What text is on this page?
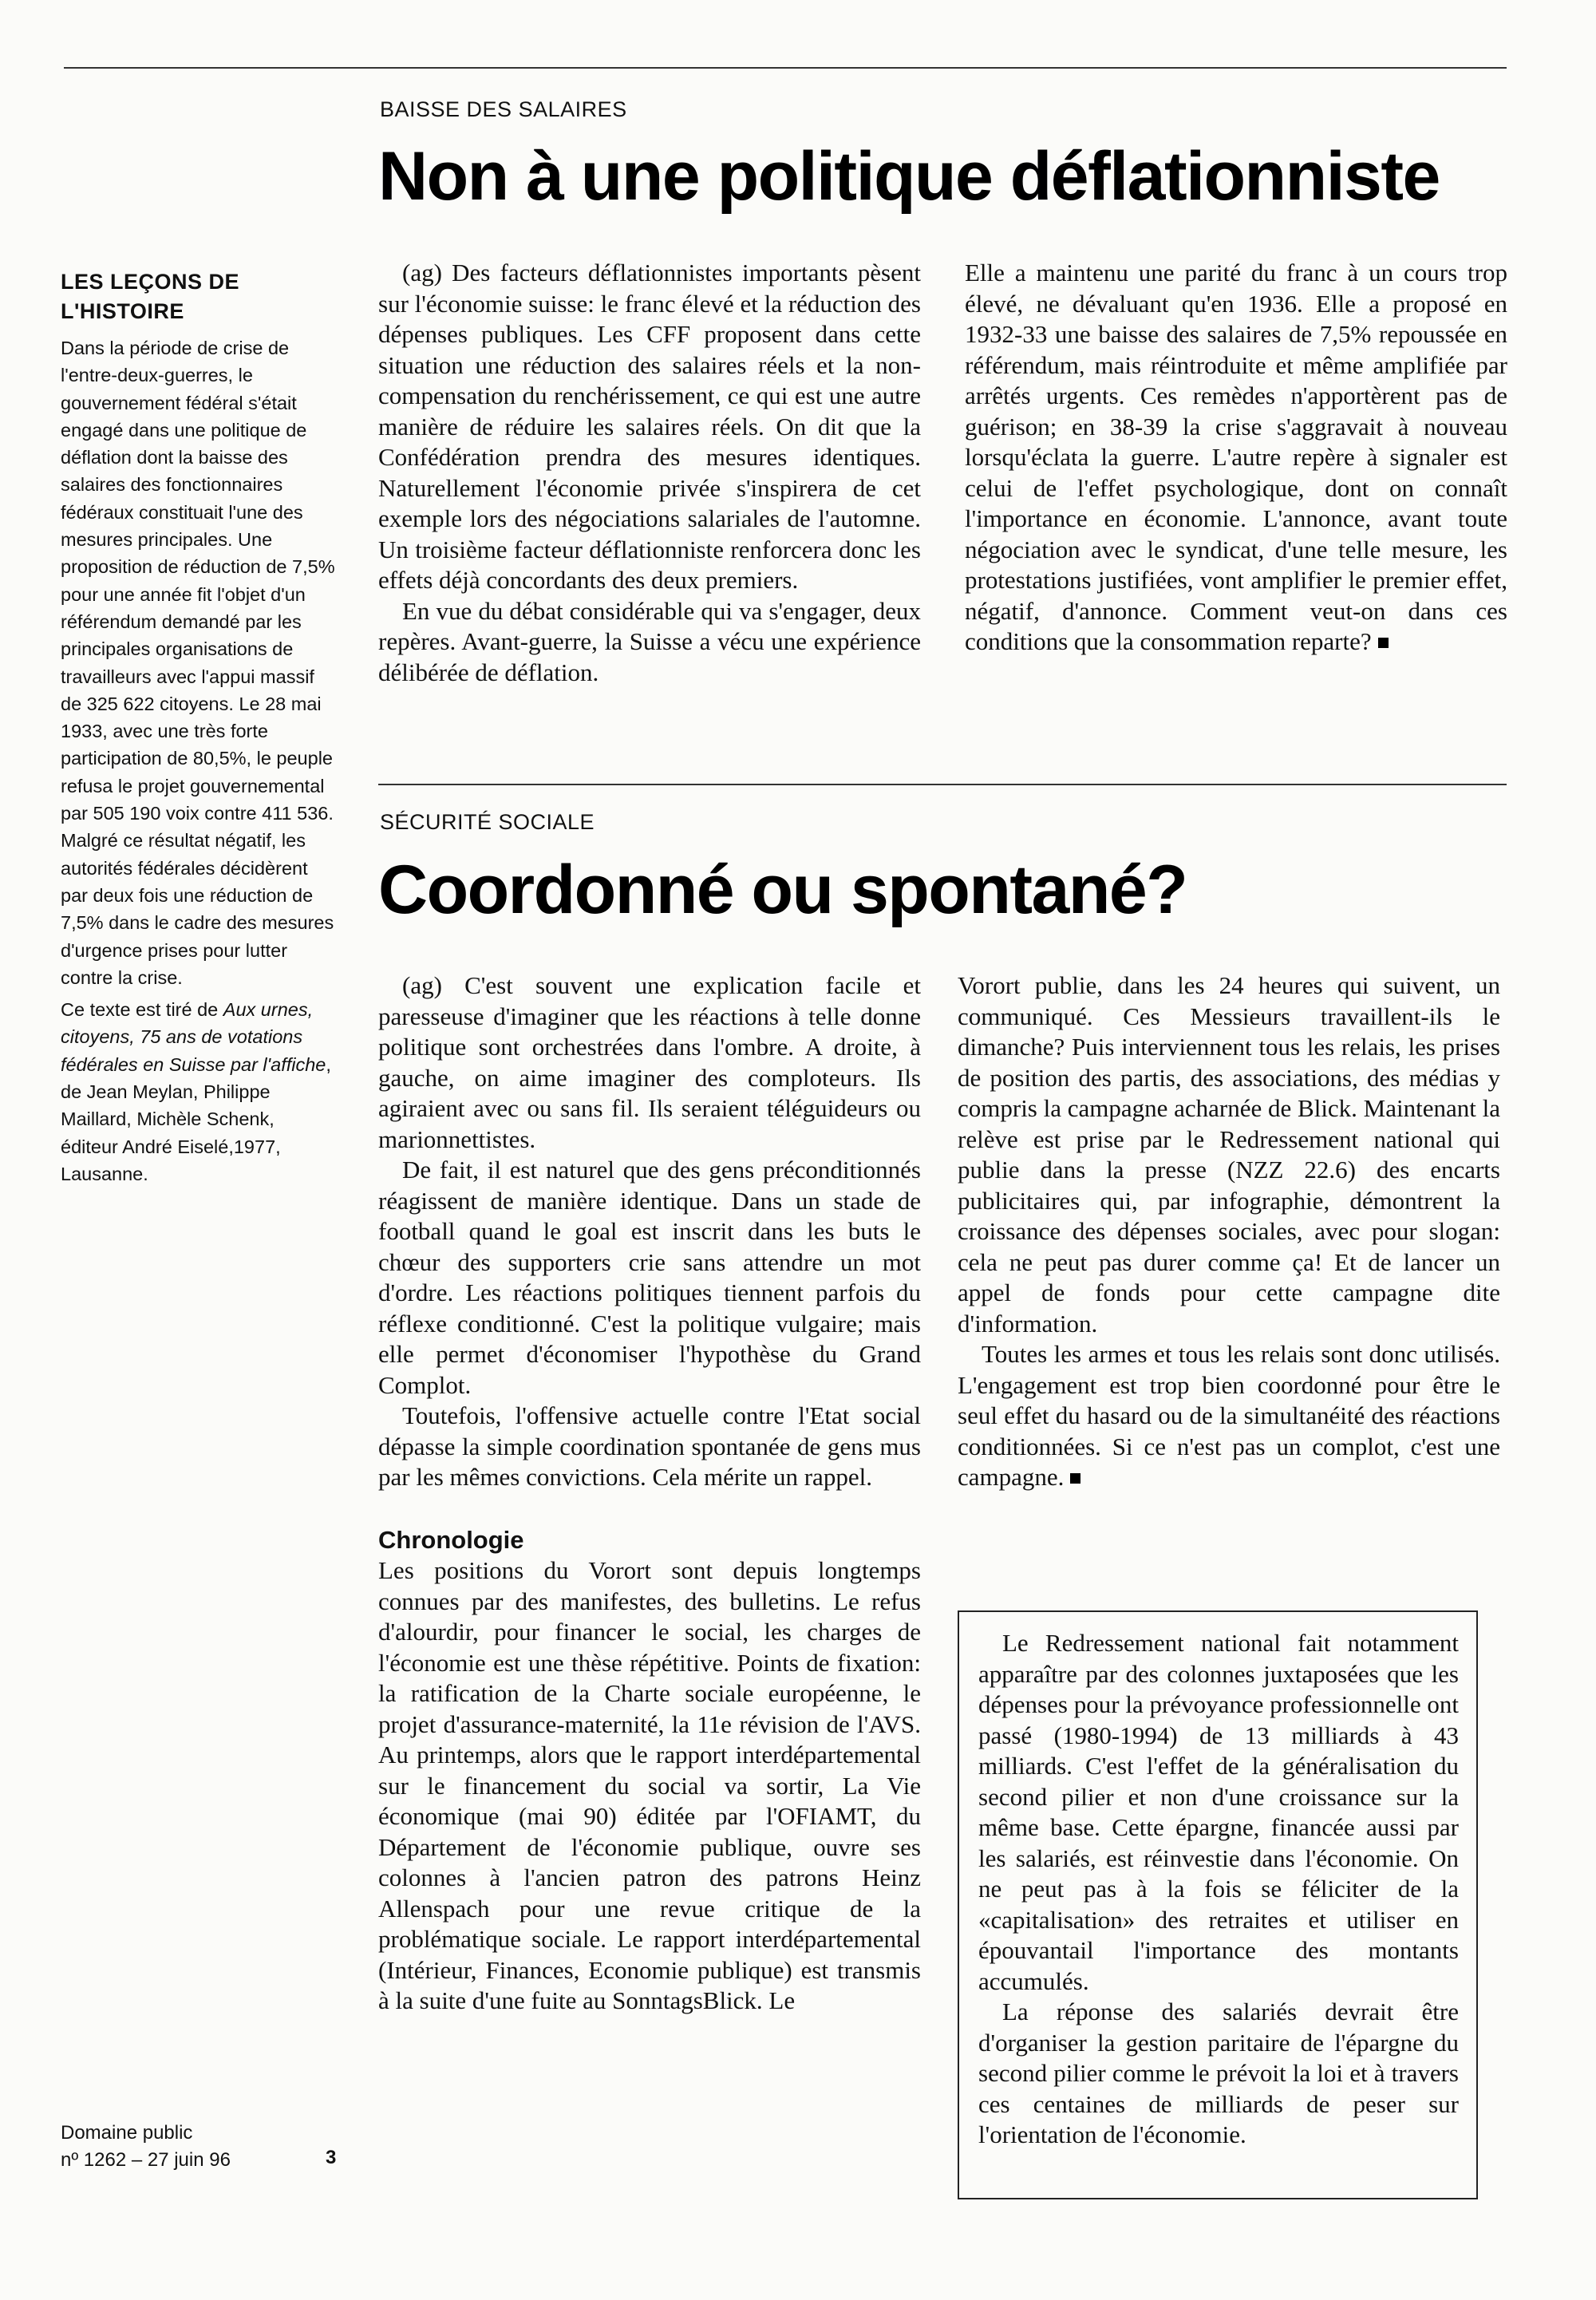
BAISSE DES SALAIRES
Non à une politique déflationniste

(ag) Des facteurs déflationnistes importants pèsent sur l'économie suisse: le franc élevé et la réduction des dépenses publiques. Les CFF proposent dans cette situation une réduction des salaires réels et la non-compensation du renchérissement, ce qui est une autre manière de réduire les salaires réels. On dit que la Confédération prendra des mesures identiques. Naturellement l'économie privée s'inspirera de cet exemple lors des négociations salariales de l'automne. Un troisième facteur déflationniste renforcera donc les effets déjà concordants des deux premiers.

En vue du débat considérable qui va s'engager, deux repères. Avant-guerre, la Suisse a vécu une expérience délibérée de déflation.

Elle a maintenu une parité du franc à un cours trop élevé, ne dévaluant qu'en 1936. Elle a proposé en 1932-33 une baisse des salaires de 7,5% repoussée en référendum, mais réintroduite et même amplifiée par arrêtés urgents. Ces remèdes n'apportèrent pas de guérison; en 38-39 la crise s'aggravait à nouveau lorsqu'éclata la guerre. L'autre repère à signaler est celui de l'effet psychologique, dont on connaît l'importance en économie. L'annonce, avant toute négociation avec le syndicat, d'une telle mesure, les protestations justifiées, vont amplifier le premier effet, négatif, d'annonce. Comment veut-on dans ces conditions que la consommation reparte?

LES LEÇONS DE L'HISTOIRE

Dans la période de crise de l'entre-deux-guerres, le gouvernement fédéral s'était engagé dans une politique de déflation dont la baisse des salaires des fonctionnaires fédéraux constituait l'une des mesures principales. Une proposition de réduction de 7,5% pour une année fit l'objet d'un référendum demandé par les principales organisations de travailleurs avec l'appui massif de 325 622 citoyens. Le 28 mai 1933, avec une très forte participation de 80,5%, le peuple refusa le projet gouvernemental par 505 190 voix contre 411 536. Malgré ce résultat négatif, les autorités fédérales décidèrent par deux fois une réduction de 7,5% dans le cadre des mesures d'urgence prises pour lutter contre la crise.

Ce texte est tiré de Aux urnes, citoyens, 75 ans de votations fédérales en Suisse par l'affiche, de Jean Meylan, Philippe Maillard, Michèle Schenk, éditeur André Eiselé,1977, Lausanne.

SÉCURITÉ SOCIALE
Coordonné ou spontané?

(ag) C'est souvent une explication facile et paresseuse d'imaginer que les réactions à telle donne politique sont orchestrées dans l'ombre. A droite, à gauche, on aime imaginer des comploteurs. Ils agiraient avec ou sans fil. Ils seraient téléguideurs ou marionnettistes.

De fait, il est naturel que des gens préconditionnés réagissent de manière identique. Dans un stade de football quand le goal est inscrit dans les buts le chœur des supporters crie sans attendre un mot d'ordre. Les réactions politiques tiennent parfois du réflexe conditionné. C'est la politique vulgaire; mais elle permet d'économiser l'hypothèse du Grand Complot.

Toutefois, l'offensive actuelle contre l'Etat social dépasse la simple coordination spontanée de gens mus par les mêmes convictions. Cela mérite un rappel.

Chronologie

Les positions du Vorort sont depuis longtemps connues par des manifestes, des bulletins. Le refus d'alourdir, pour financer le social, les charges de l'économie est une thèse répétitive. Points de fixation: la ratification de la Charte sociale européenne, le projet d'assurance-maternité, la 11e révision de l'AVS. Au printemps, alors que le rapport interdépartemental sur le financement du social va sortir, La Vie économique (mai 90) éditée par l'OFIAMT, du Département de l'économie publique, ouvre ses colonnes à l'ancien patron des patrons Heinz Allenspach pour une revue critique de la problématique sociale. Le rapport interdépartemental (Intérieur, Finances, Economie publique) est transmis à la suite d'une fuite au SonntagsBlick. Le

Vorort publie, dans les 24 heures qui suivent, un communiqué. Ces Messieurs travaillent-ils le dimanche? Puis interviennent tous les relais, les prises de position des partis, des associations, des médias y compris la campagne acharnée de Blick. Maintenant la relève est prise par le Redressement national qui publie dans la presse (NZZ 22.6) des encarts publicitaires qui, par infographie, démontrent la croissance des dépenses sociales, avec pour slogan: cela ne peut pas durer comme ça! Et de lancer un appel de fonds pour cette campagne dite d'information.

Toutes les armes et tous les relais sont donc utilisés. L'engagement est trop bien coordonné pour être le seul effet du hasard ou de la simultanéité des réactions conditionnées. Si ce n'est pas un complot, c'est une campagne.

Le Redressement national fait notamment apparaître par des colonnes juxtaposées que les dépenses pour la prévoyance professionnelle ont passé (1980-1994) de 13 milliards à 43 milliards. C'est l'effet de la généralisation du second pilier et non d'une croissance sur la même base. Cette épargne, financée aussi par les salariés, est réinvestie dans l'économie. On ne peut pas à la fois se féliciter de la «capitalisation» des retraites et utiliser en épouvantail l'importance des montants accumulés.

La réponse des salariés devrait être d'organiser la gestion paritaire de l'épargne du second pilier comme le prévoit la loi et à travers ces centaines de milliards de peser sur l'orientation de l'économie.

Domaine public
nº 1262 – 27 juin 96	3
